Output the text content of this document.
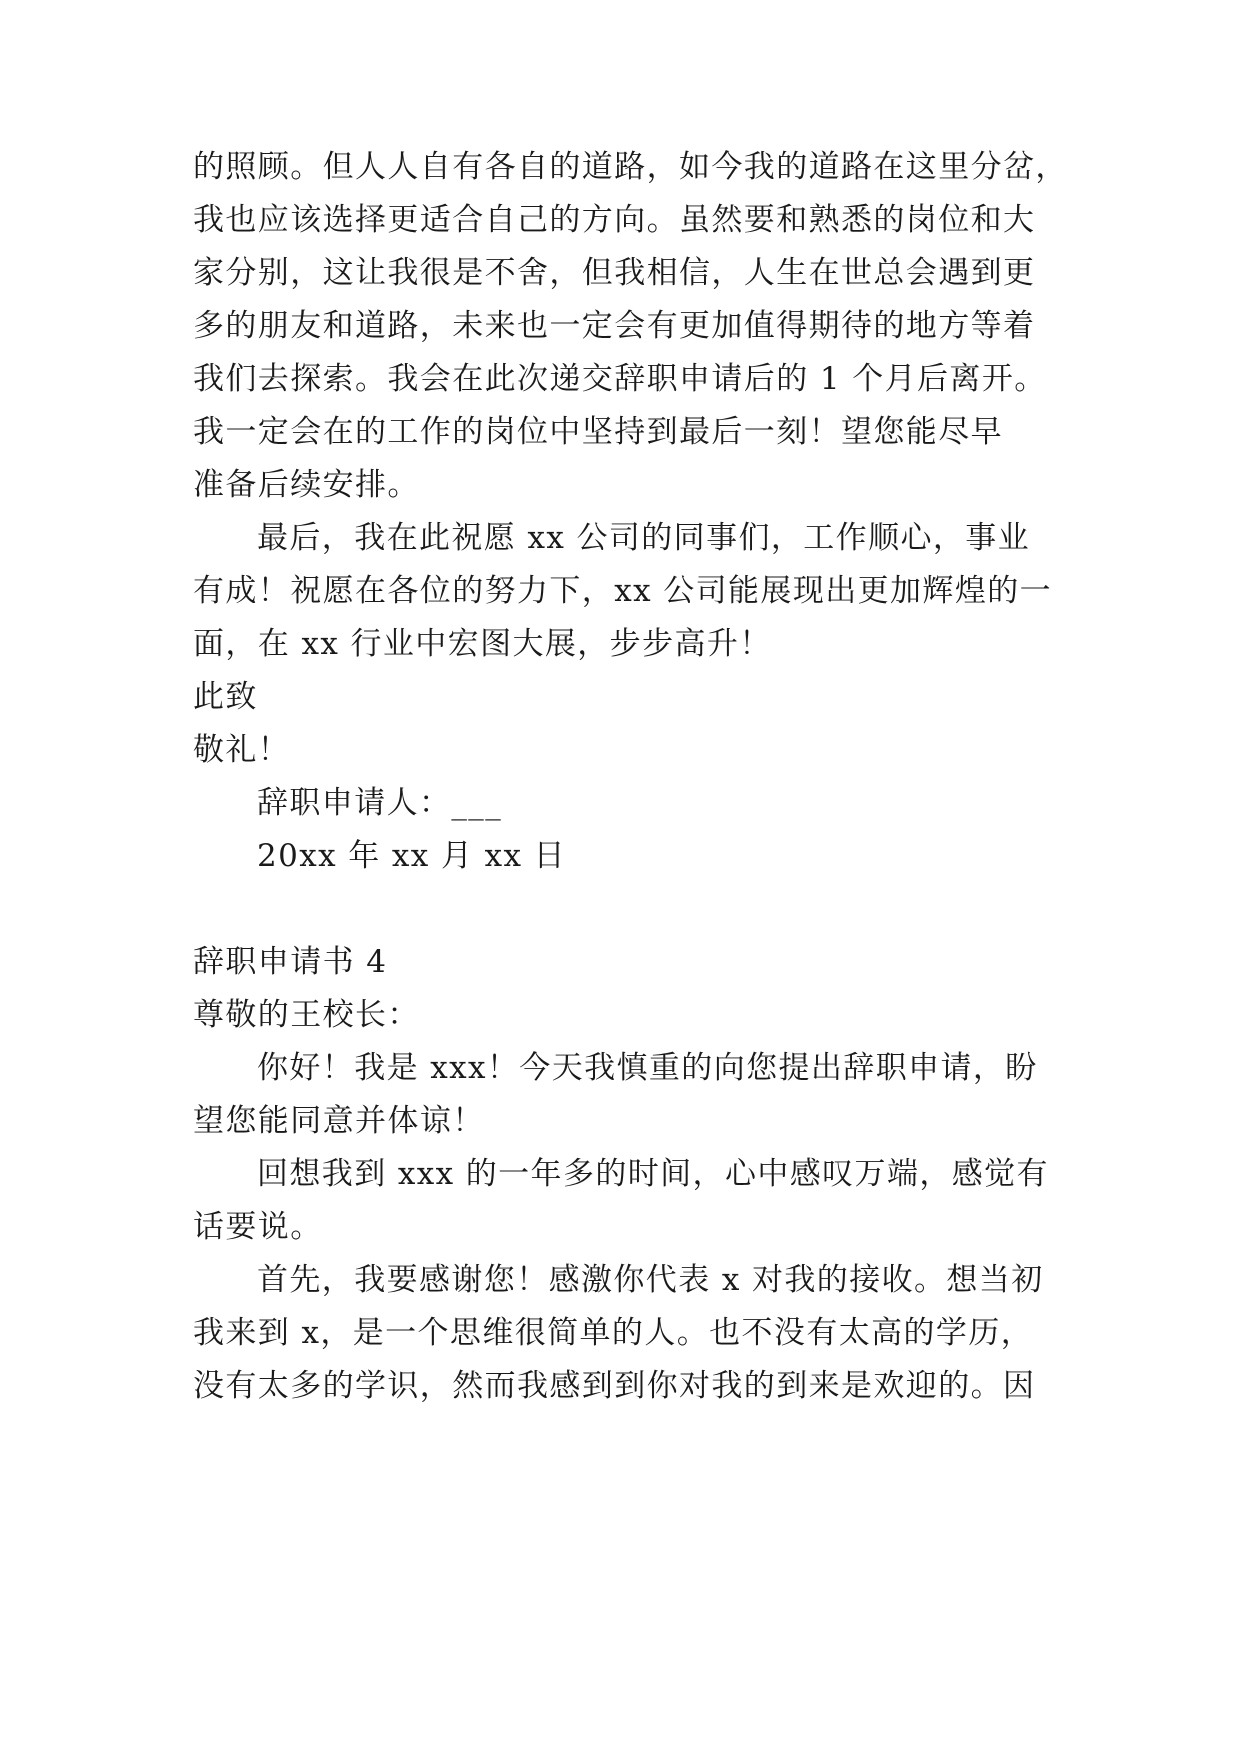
的照顾。但人人自有各自的道路，如今我的道路在这里分岔，
我也应该选择更适合自己的方向。虽然要和熟悉的岗位和大
家分别，这让我很是不舍，但我相信，人生在世总会遇到更
多的朋友和道路，未来也一定会有更加值得期待的地方等着
我们去探索。我会在此次递交辞职申请后的 1 个月后离开。
我一定会在的工作的岗位中坚持到最后一刻！望您能尽早
准备后续安排。
最后，我在此祝愿 xx 公司的同事们，工作顺心，事业
有成！祝愿在各位的努力下，xx 公司能展现出更加辉煌的一
面，在 xx 行业中宏图大展，步步高升！
此致
敬礼！
辞职申请人：___
20xx 年 xx 月 xx 日
辞职申请书 4
尊敬的王校长：
你好！我是 xxx！今天我慎重的向您提出辞职申请，盼
望您能同意并体谅！
回想我到 xxx 的一年多的时间，心中感叹万端，感觉有
话要说。
首先，我要感谢您！感激你代表 x 对我的接收。想当初
我来到 x，是一个思维很简单的人。也不没有太高的学历，
没有太多的学识，然而我感到到你对我的到来是欢迎的。因
